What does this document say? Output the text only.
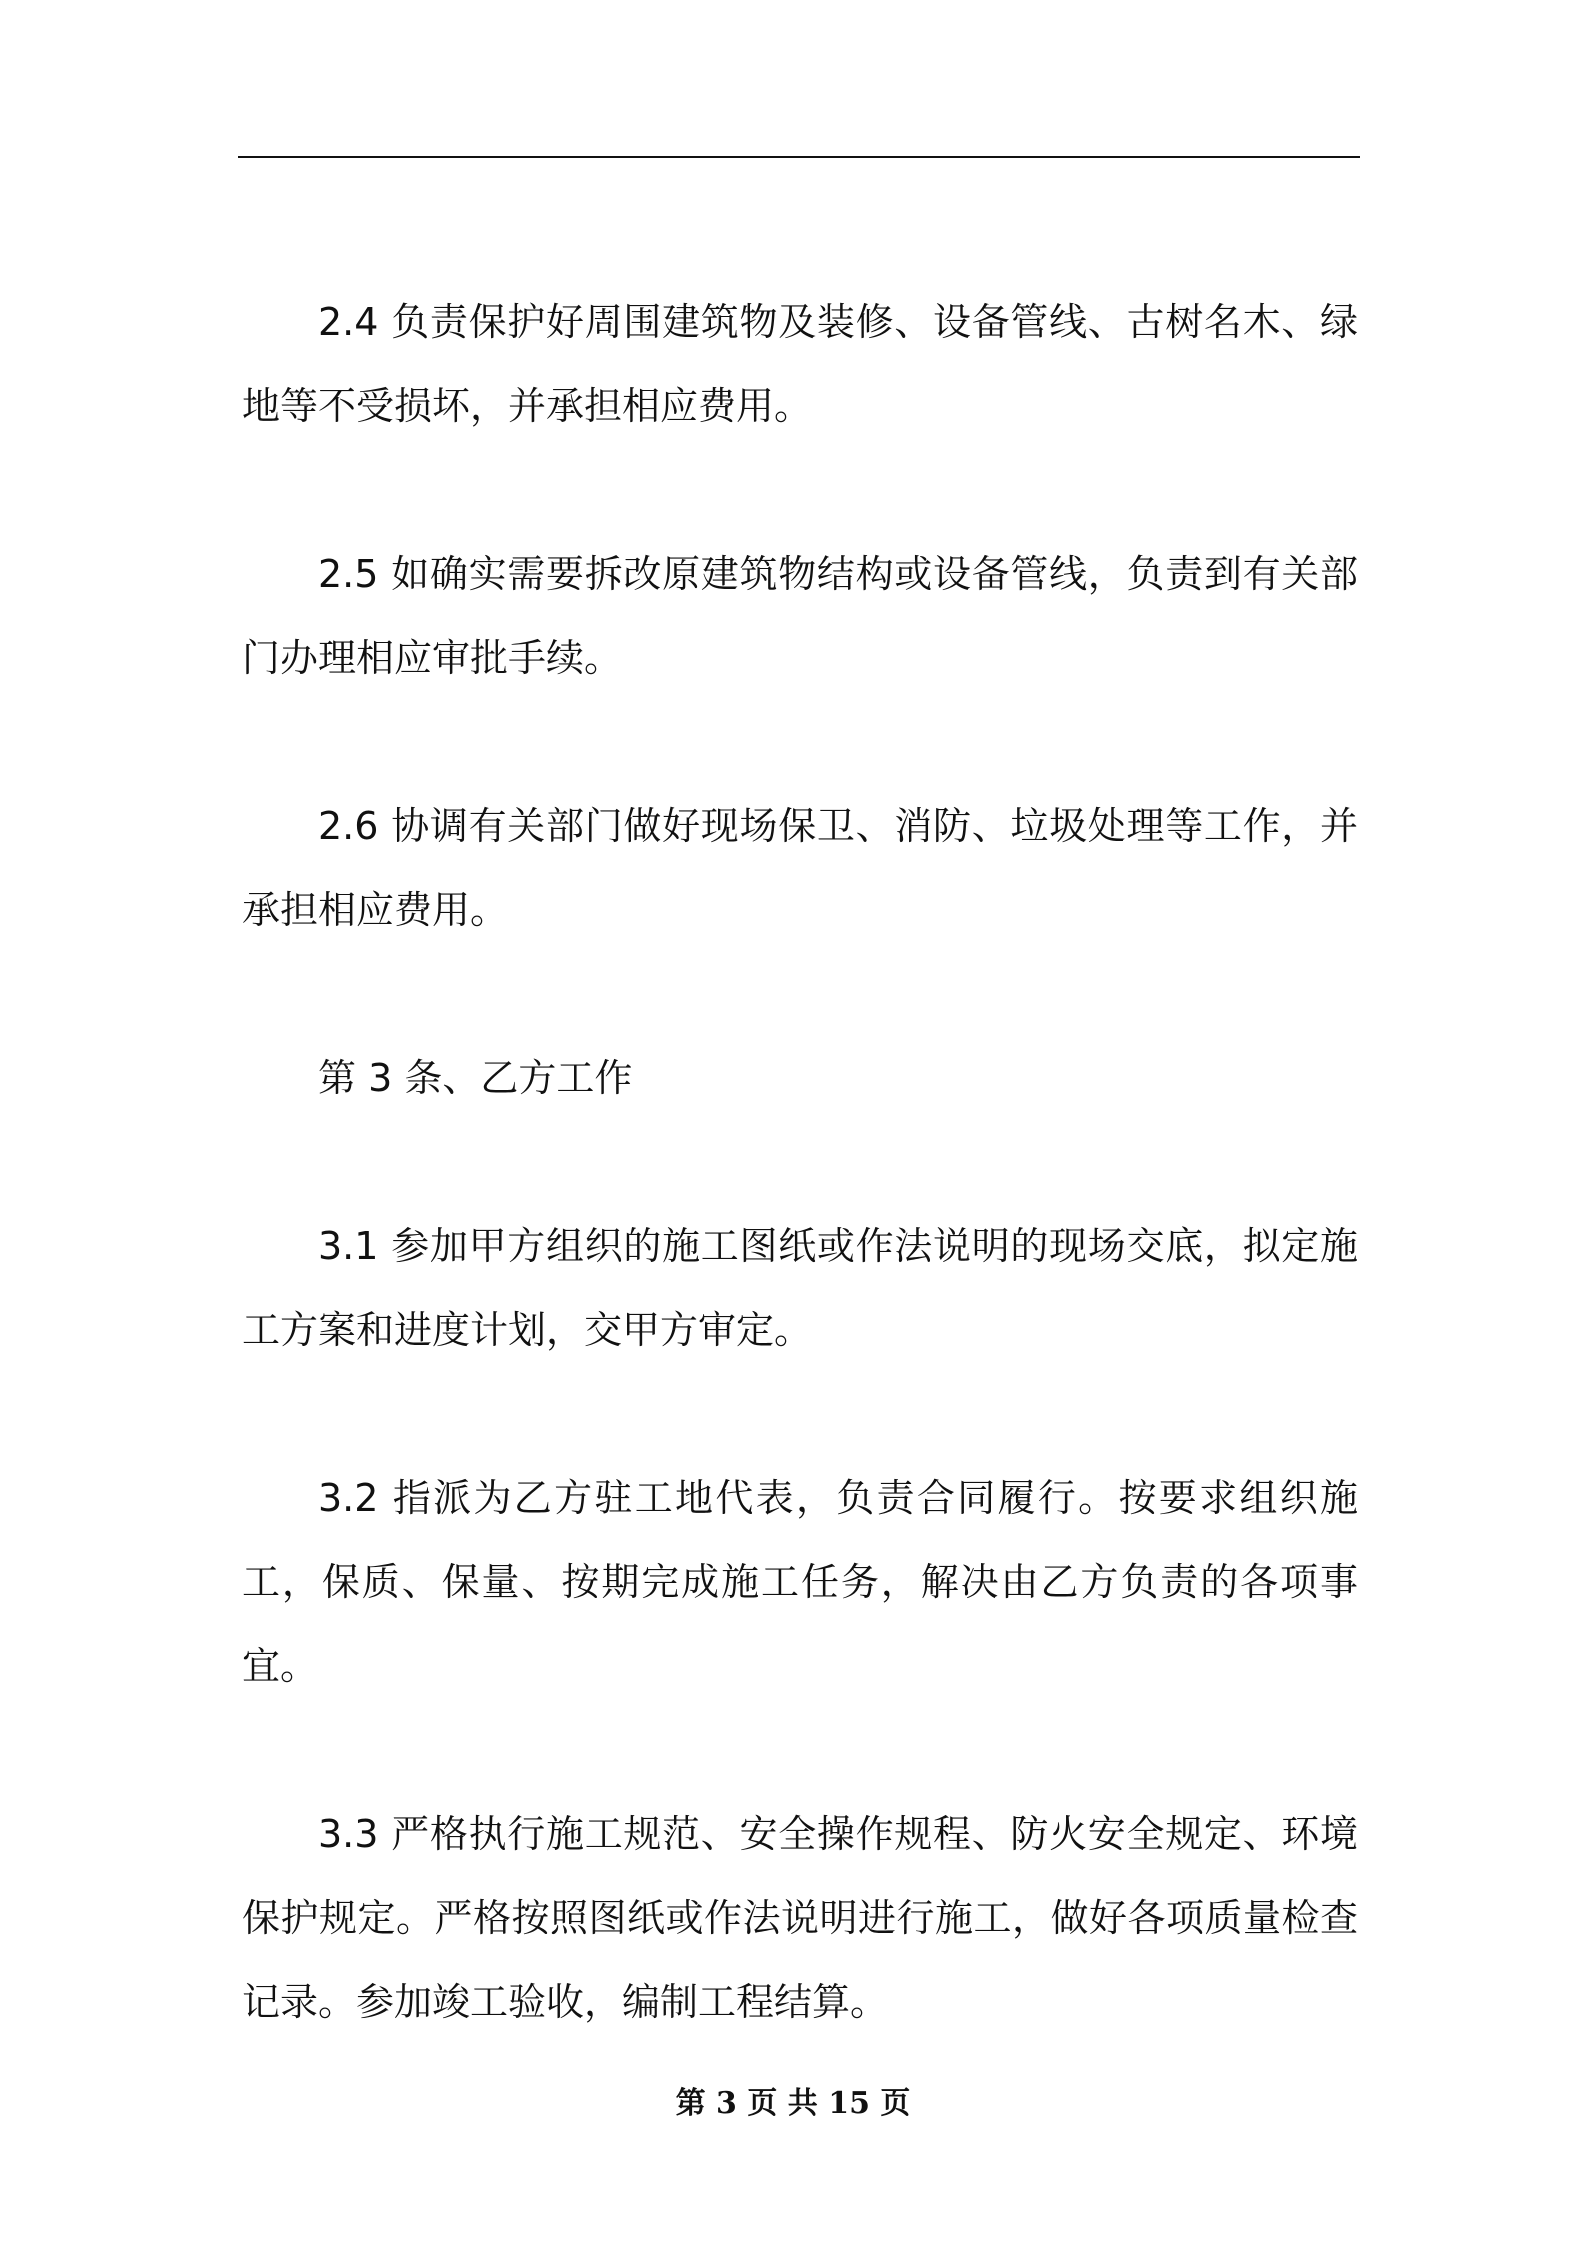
2.4 负责保护好周围建筑物及装修、设备管线、古树名木、绿地等不受损坏，并承担相应费用。

2.5 如确实需要拆改原建筑物结构或设备管线，负责到有关部门办理相应审批手续。

2.6 协调有关部门做好现场保卫、消防、垃圾处理等工作，并承担相应费用。

第 3 条、乙方工作

3.1 参加甲方组织的施工图纸或作法说明的现场交底，拟定施工方案和进度计划，交甲方审定。

3.2 指派为乙方驻工地代表，负责合同履行。按要求组织施工，保质、保量、按期完成施工任务，解决由乙方负责的各项事宜。

3.3 严格执行施工规范、安全操作规程、防火安全规定、环境保护规定。严格按照图纸或作法说明进行施工，做好各项质量检查记录。参加竣工验收，编制工程结算。

第 3 页 共 15 页
